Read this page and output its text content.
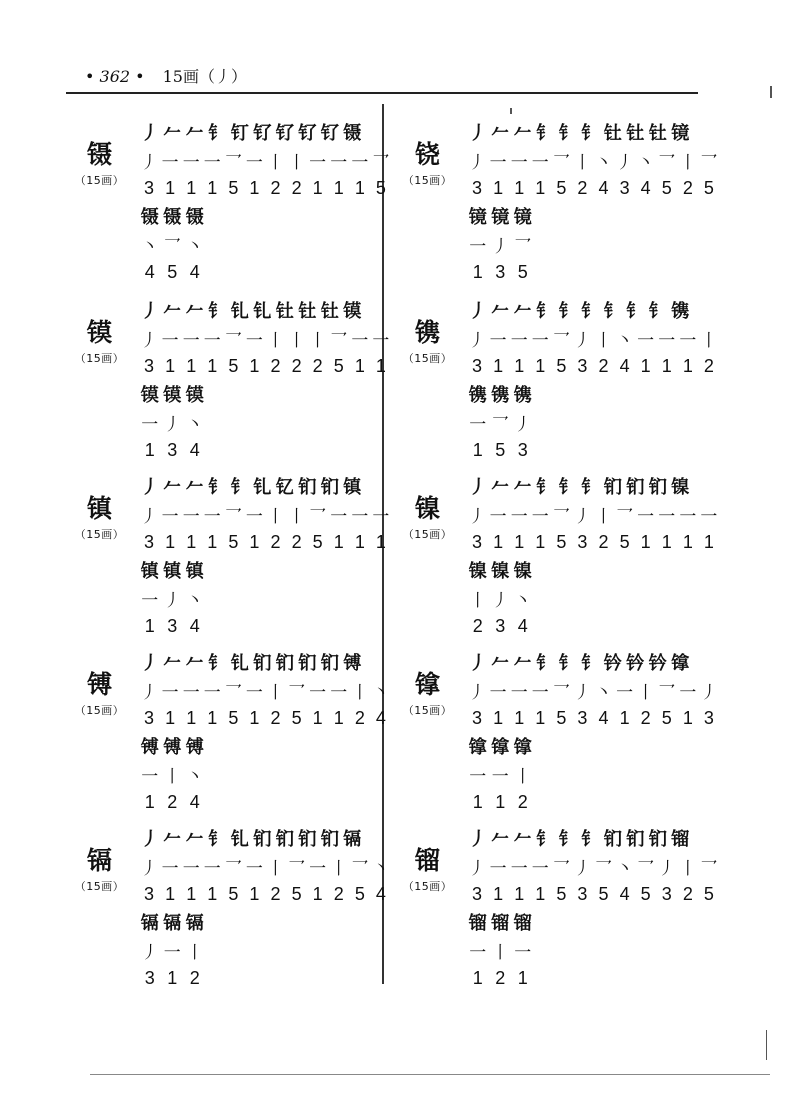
• 362 • 15画（丿）
镊
（15画）
丿 𠂉 𠂉 钅 钉 钌 钌 钌 钌 镊
丿 一 一 一 乛 一 丨 丨 一 一 一 乛
3 1 1 1 5 1 2 2 1 1 1 5
镊 镊 镊
丶 乛 丶
4 5 4
镆
（15画）
丿 𠂉 𠂉 钅 钆 钆 钍 钍 钍 镆
丿 一 一 一 乛 一 丨 丨 丨 乛 一 一
3 1 1 1 5 1 2 2 2 5 1 1
镆 镆 镆
一 丿 丶
1 3 4
镇
（15画）
丿 𠂉 𠂉 钅 钅 钆 钇 钔 钔 镇
丿 一 一 一 乛 一 丨 丨 乛 一 一 一
3 1 1 1 5 1 2 2 5 1 1 1
镇 镇 镇
一 丿 丶
1 3 4
镈
（15画）
丿 𠂉 𠂉 钅 钆 钔 钔 钔 钔 镈
丿 一 一 一 乛 一 丨 乛 一 一 丨 丶
3 1 1 1 5 1 2 5 1 1 2 4
镈 镈 镈
一 丨 丶
1 2 4
镉
（15画）
丿 𠂉 𠂉 钅 钆 钔 钔 钔 钔 镉
丿 一 一 一 乛 一 丨 乛 一 丨 乛 丶
3 1 1 1 5 1 2 5 1 2 5 4
镉 镉 镉
丿 一 丨
3 1 2
铙
（15画）
丿 𠂉 𠂉 钅 钅 钅 钍 钍 钍 镜
丿 一 一 一 乛 丨 丶 丿 丶 乛 丨 乛
3 1 1 1 5 2 4 3 4 5 2 5
镜 镜 镜
一 丿 乛
1 3 5
镌
（15画）
丿 𠂉 𠂉 钅 钅 钅 钅 钅 钅 镌
丿 一 一 一 乛 丿 丨 丶 一 一 一 丨
3 1 1 1 5 3 2 4 1 1 1 2
镌 镌 镌
一 乛 丿
1 5 3
镍
（15画）
丿 𠂉 𠂉 钅 钅 钅 钔 钔 钔 镍
丿 一 一 一 乛 丿 丨 乛 一 一 一 一
3 1 1 1 5 3 2 5 1 1 1 1
镍 镍 镍
丨 丿 丶
2 3 4
镎
（15画）
丿 𠂉 𠂉 钅 钅 钅 钤 钤 钤 镎
丿 一 一 一 乛 丿 丶 一 丨 乛 一 丿
3 1 1 1 5 3 4 1 2 5 1 3
镎 镎 镎
一 一 丨
1 1 2
镏
（15画）
丿 𠂉 𠂉 钅 钅 钅 钔 钔 钔 镏
丿 一 一 一 乛 丿 乛 丶 乛 丿 丨 乛
3 1 1 1 5 3 5 4 5 3 2 5
镏 镏 镏
一 丨 一
1 2 1
